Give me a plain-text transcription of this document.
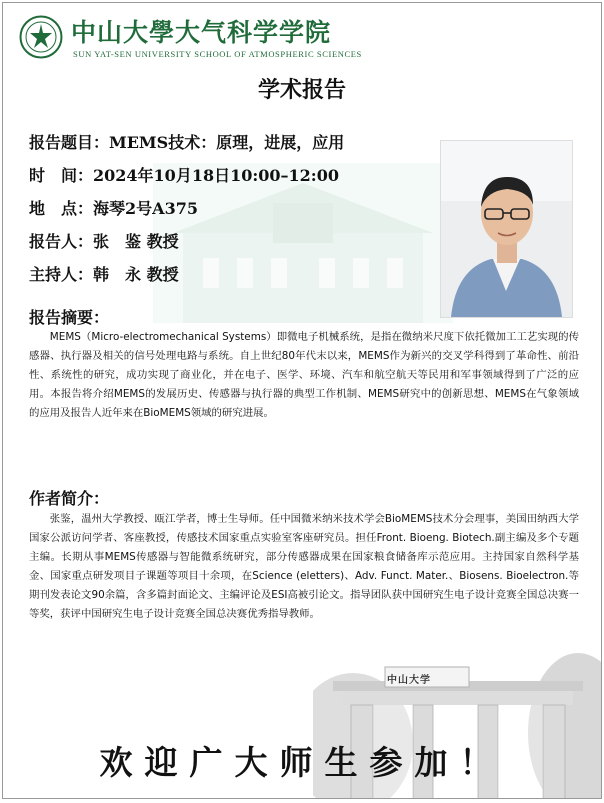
中山大學大气科学学院
SUN YAT-SEN UNIVERSITY SCHOOL OF ATMOSPHERIC SCIENCES
学术报告
报告题目：MEMS技术：原理，进展，应用
时　间：2024年10月18日10:00–12:00
地　点：海琴2号A375
报告人：张　鉴 教授
主持人：韩　永 教授
报告摘要：
MEMS（Micro-electromechanical Systems）即微电子机械系统，是指在微纳米尺度下依托微加工工艺实现的传感器、执行器及相关的信号处理电路与系统。自上世纪80年代末以来，MEMS作为新兴的交叉学科得到了革命性、前沿性、系统性的研究，成功实现了商业化，并在电子、医学、环境、汽车和航空航天等民用和军事领域得到了广泛的应用。本报告将介绍MEMS的发展历史、传感器与执行器的典型工作机制、MEMS研究中的创新思想、MEMS在气象领域的应用及报告人近年来在BioMEMS领域的研究进展。
作者简介：
张鉴，温州大学教授、瓯江学者，博士生导师。任中国微米纳米技术学会BioMEMS技术分会理事，美国田纳西大学国家公派访问学者、客座教授，传感技术国家重点实验室客座研究员。担任Front. Bioeng. Biotech.副主编及多个专题主编。长期从事MEMS传感器与智能微系统研究，部分传感器成果在国家粮食储备库示范应用。主持国家自然科学基金、国家重点研发项目子课题等项目十余项，在Science (eletters)、Adv. Funct. Mater.、Biosens. Bioelectron.等期刊发表论文90余篇，含多篇封面论文、主编评论及ESI高被引论文。指导团队获中国研究生电子设计竞赛全国总决赛一等奖，获评中国研究生电子设计竞赛全国总决赛优秀指导教师。
中山大学
欢迎广大师生参加！
